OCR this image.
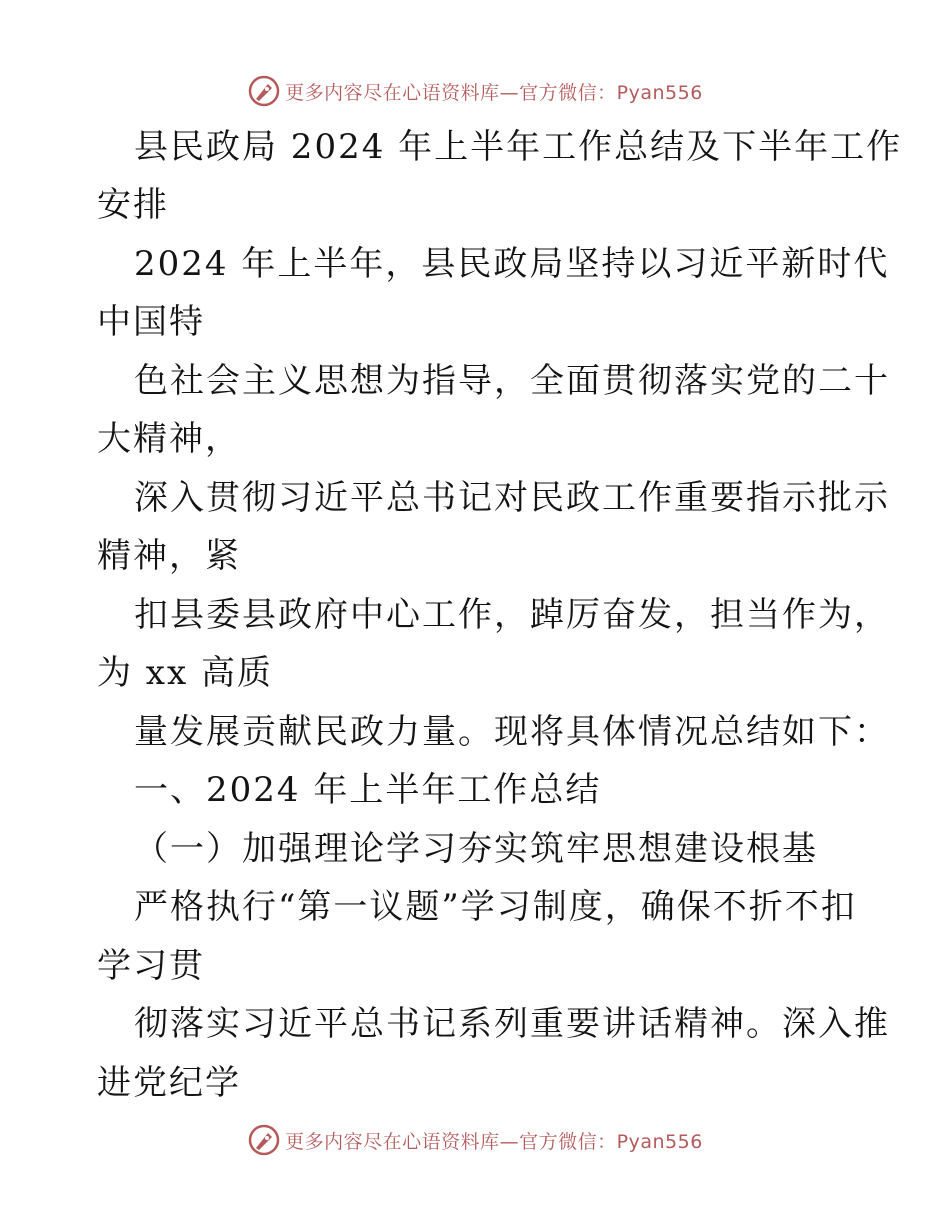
更多内容尽在心语资料库—官方微信：Pyan556
县民政局 2024 年上半年工作总结及下半年工作
安排
2024 年上半年，县民政局坚持以习近平新时代
中国特
色社会主义思想为指导，全面贯彻落实党的二十
大精神，
深入贯彻习近平总书记对民政工作重要指示批示
精神，紧
扣县委县政府中心工作，踔厉奋发，担当作为，
为 xx 高质
量发展贡献民政力量。现将具体情况总结如下：
一、2024 年上半年工作总结
（一）加强理论学习夯实筑牢思想建设根基
严格执行“第一议题”学习制度，确保不折不扣
学习贯
彻落实习近平总书记系列重要讲话精神。深入推
进党纪学
更多内容尽在心语资料库—官方微信：Pyan556
